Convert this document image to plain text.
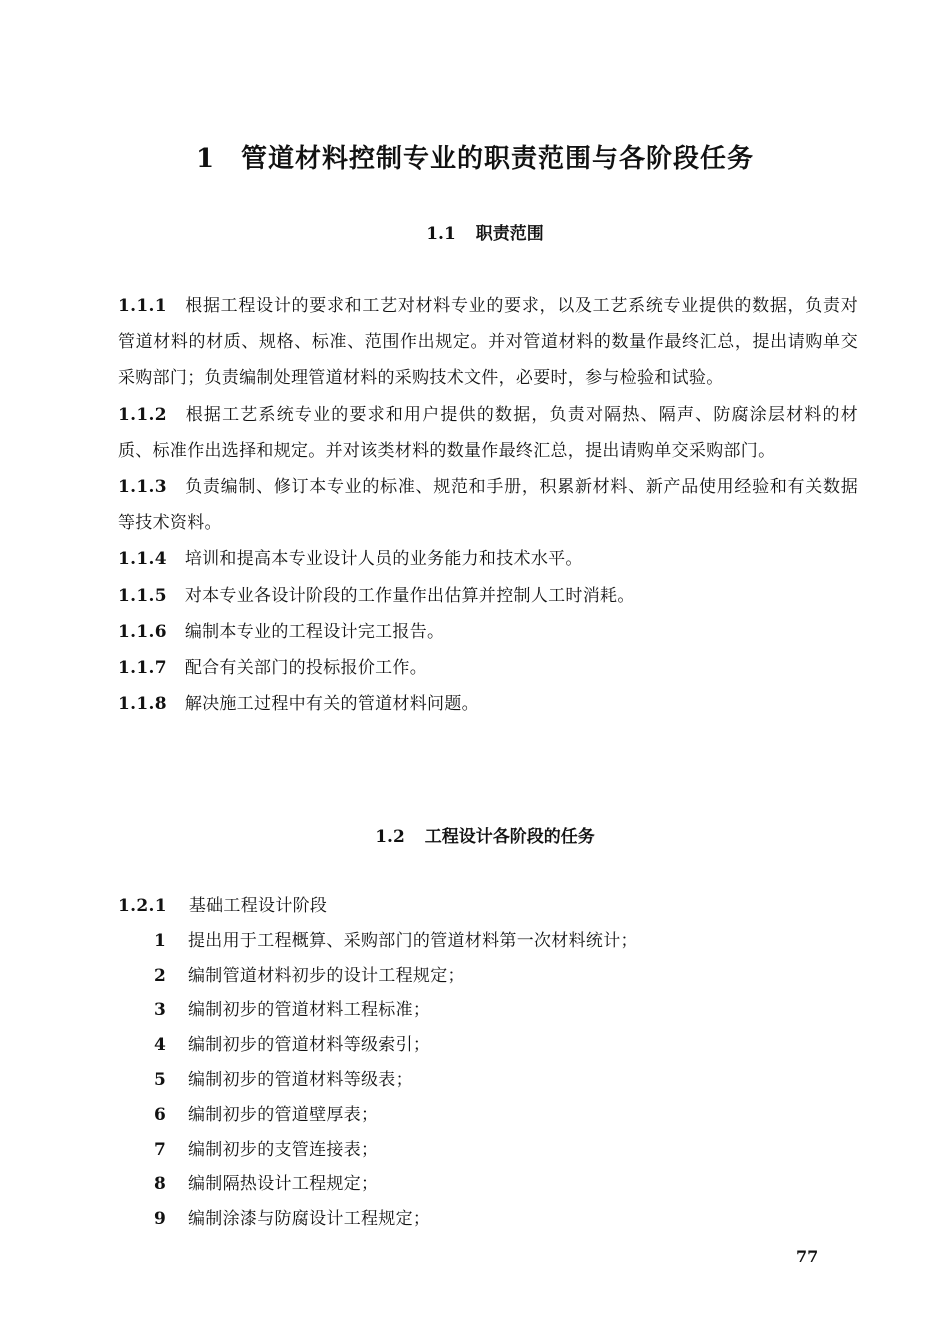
1 管道材料控制专业的职责范围与各阶段任务
1.1 职责范围

1.1.1 根据工程设计的要求和工艺对材料专业的要求，以及工艺系统专业提供的数据，负责对管道材料的材质、规格、标准、范围作出规定。并对管道材料的数量作最终汇总，提出请购单交采购部门；负责编制处理管道材料的采购技术文件，必要时，参与检验和试验。

1.1.2 根据工艺系统专业的要求和用户提供的数据，负责对隔热、隔声、防腐涂层材料的材质、标准作出选择和规定。并对该类材料的数量作最终汇总，提出请购单交采购部门。

1.1.3 负责编制、修订本专业的标准、规范和手册，积累新材料、新产品使用经验和有关数据等技术资料。

1.1.4 培训和提高本专业设计人员的业务能力和技术水平。

1.1.5 对本专业各设计阶段的工作量作出估算并控制人工时消耗。

1.1.6 编制本专业的工程设计完工报告。

1.1.7 配合有关部门的投标报价工作。

1.1.8 解决施工过程中有关的管道材料问题。

1.2 工程设计各阶段的任务

1.2.1 基础工程设计阶段

1 提出用于工程概算、采购部门的管道材料第一次材料统计；
2 编制管道材料初步的设计工程规定；
3 编制初步的管道材料工程标准；
4 编制初步的管道材料等级索引；
5 编制初步的管道材料等级表；
6 编制初步的管道壁厚表；
7 编制初步的支管连接表；
8 编制隔热设计工程规定；
9 编制涂漆与防腐设计工程规定；
77
